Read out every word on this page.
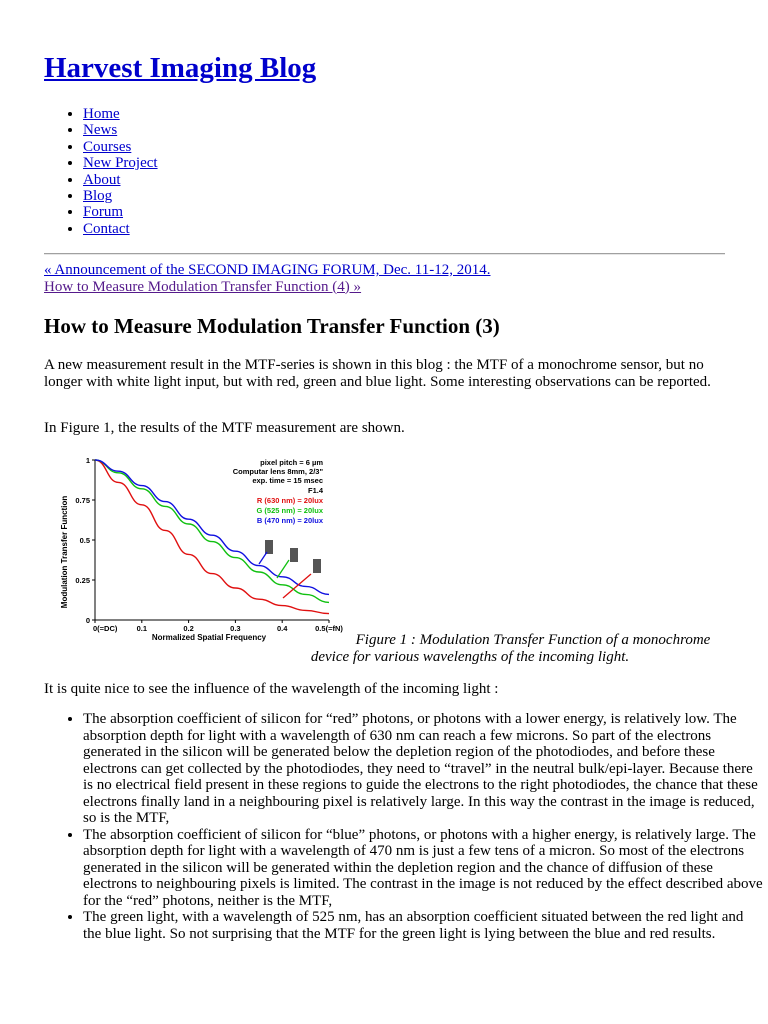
Harvest Imaging Blog
• Home
• News
• Courses
• New Project
• About
• Blog
• Forum
• Contact
« Announcement of the SECOND IMAGING FORUM, Dec. 11-12, 2014.
How to Measure Modulation Transfer Function (4) »
How to Measure Modulation Transfer Function (3)

A new measurement result in the MTF-series is shown in this blog : the MTF of a monochrome sensor, but no longer with white light input, but with red, green and blue light. Some interesting observations can be reported.

In Figure 1, the results of the MTF measurement are shown.

0
0.25
0.5
0.75
1
0(=DC)	0.1	0.2	0.3	0.4	0.5(=fN)
pixel pitch = 6 µm
Computar lens 8mm, 2/3"
exp. time = 15 msec
F1.4
R (630 nm) = 20lux
G (525 nm) = 20lux
B (470 nm) = 20lux
Modulation Transfer Function
Normalized Spatial Frequency	Figure 1 : Modulation Transfer Function of a monochrome device for various wavelengths of the incoming light.

It is quite nice to see the influence of the wavelength of the incoming light :

• The absorption coefficient of silicon for “red” photons, or photons with a lower energy, is relatively low. The absorption depth for light with a wavelength of 630 nm can reach a few microns. So part of the electrons generated in the silicon will be generated below the depletion region of the photodiodes, and before these electrons can get collected by the photodiodes, they need to “travel” in the neutral bulk/epi-layer. Because there is no electrical field present in these regions to guide the electrons to the right photodiodes, the chance that these electrons finally land in a neighbouring pixel is relatively large. In this way the contrast in the image is reduced, so is the MTF,
• The absorption coefficient of silicon for “blue” photons, or photons with a higher energy, is relatively large. The absorption depth for light with a wavelength of 470 nm is just a few tens of a micron. So most of the electrons generated in the silicon will be generated within the depletion region and the chance of diffusion of these electrons to neighbouring pixels is limited. The contrast in the image is not reduced by the effect described above for the “red” photons, neither is the MTF,
• The green light, with a wavelength of 525 nm, has an absorption coefficient situated between the red light and the blue light. So not surprising that the MTF for the green light is lying between the blue and red results.
